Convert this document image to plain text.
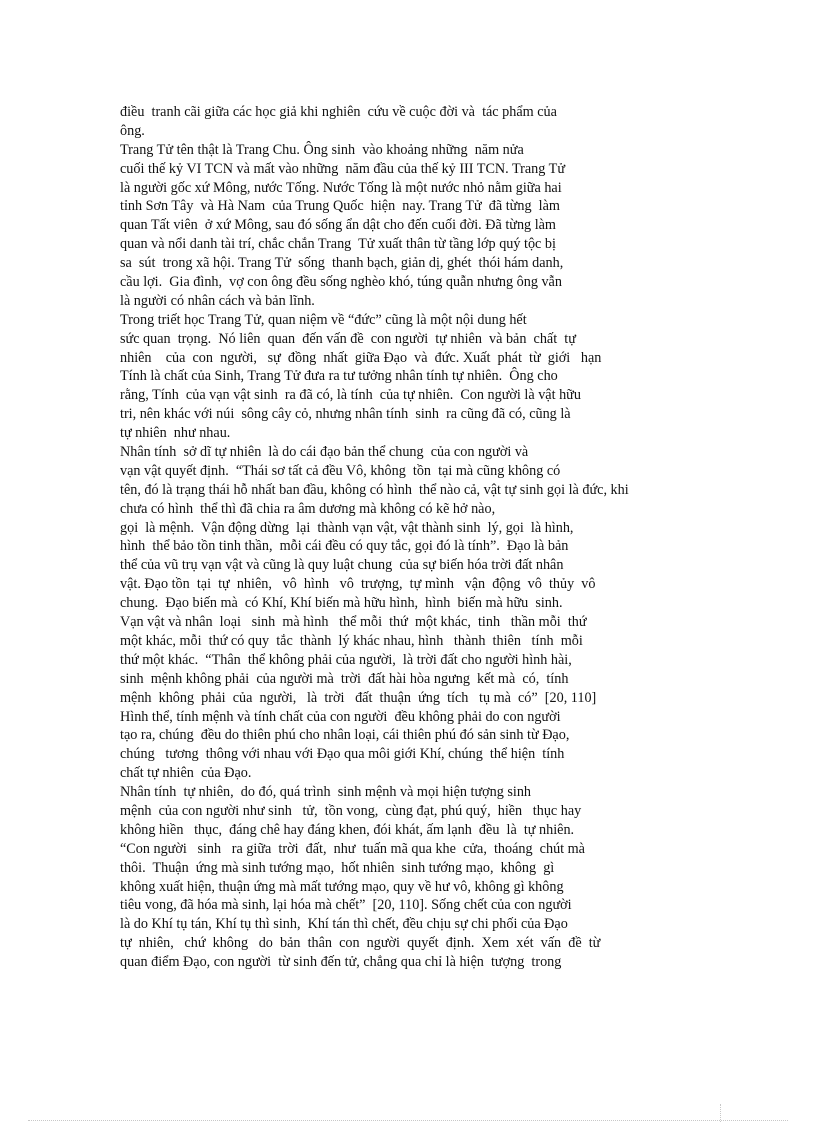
điều  tranh cãi giữa các học giả khi nghiên  cứu về cuộc đời và  tác phẩm của
ông.
Trang Tử tên thật là Trang Chu. Ông sinh  vào khoảng những  năm nửa
cuối thế kỷ VI TCN và mất vào những  năm đầu của thế kỷ III TCN. Trang Tử
là người gốc xứ Mông, nước Tống. Nước Tống là một nước nhỏ nằm giữa hai
tỉnh Sơn Tây  và Hà Nam  của Trung Quốc  hiện  nay. Trang Tử  đã từng  làm
quan Tất viên  ở xứ Mông, sau đó sống ẩn dật cho đến cuối đời. Đã từng làm
quan và nổi danh tài trí, chắc chắn Trang  Tử xuất thân từ tầng lớp quý tộc bị
sa  sút  trong xã hội. Trang Tử  sống  thanh bạch, giản dị, ghét  thói hám danh,
cầu lợi.  Gia đình,  vợ con ông đều sống nghèo khó, túng quẫn nhưng ông vẫn
là người có nhân cách và bản lĩnh.
Trong triết học Trang Tử, quan niệm về “đức” cũng là một nội dung hết
sức quan  trọng.  Nó liên  quan  đến vấn đề  con người  tự nhiên  và bản  chất  tự
nhiên    của  con  người,   sự  đồng  nhất  giữa Đạo  và  đức. Xuất  phát  từ  giới   hạn
Tính là chất của Sinh, Trang Tử đưa ra tư tưởng nhân tính tự nhiên.  Ông cho
rằng, Tính  của vạn vật sinh  ra đã có, là tính  của tự nhiên.  Con người là vật hữu
tri, nên khác với núi  sông cây cỏ, nhưng nhân tính  sinh  ra cũng đã có, cũng là
tự nhiên  như nhau.
Nhân tính  sở dĩ tự nhiên  là do cái đạo bản thể chung  của con người và
vạn vật quyết định.  “Thái sơ tất cả đều Vô, không  tồn  tại mà cũng không có
tên, đó là trạng thái hỗ nhất ban đầu, không có hình  thể nào cả, vật tự sinh gọi là đức, khi
chưa có hình  thể thì đã chia ra âm dương mà không có kẽ hở nào,
gọi  là mệnh.  Vận động dừng  lại  thành vạn vật, vật thành sinh  lý, gọi  là hình,
hình  thể bảo tồn tinh thần,  mỗi cái đều có quy tắc, gọi đó là tính”.  Đạo là bản
thể của vũ trụ vạn vật và cũng là quy luật chung  của sự biến hóa trời đất nhân
vật. Đạo tồn  tại  tự  nhiên,   vô  hình   vô  trượng,  tự mình   vận  động  vô  thủy  vô
chung.  Đạo biến mà  có Khí, Khí biến mà hữu hình,  hình  biến mà hữu  sinh.
Vạn vật và nhân  loại   sinh  mà hình   thể mỗi  thứ  một khác,  tinh   thần mỗi  thứ
một khác, mỗi  thứ có quy  tắc  thành  lý khác nhau, hình   thành  thiên   tính  mỗi
thứ một khác.  “Thân  thể không phải của người,  là trời đất cho người hình hài,
sinh  mệnh không phải  của người mà  trời  đất hài hòa ngưng  kết mà  có,  tính
mệnh  không  phải  của  người,   là  trời   đất  thuận  ứng  tích   tụ mà  có”  [20, 110]
Hình thể, tính mệnh và tính chất của con người  đều không phải do con người
tạo ra, chúng  đều do thiên phú cho nhân loại, cái thiên phú đó sản sinh từ Đạo,
chúng   tương  thông với nhau với Đạo qua môi giới Khí, chúng  thể hiện  tính
chất tự nhiên  của Đạo.
Nhân tính  tự nhiên,  do đó, quá trình  sinh mệnh và mọi hiện tượng sinh
mệnh  của con người như sinh   tử,  tồn vong,  cùng đạt, phú quý,  hiền   thục hay
không hiền   thục,  đáng chê hay đáng khen, đói khát, ấm lạnh  đều  là  tự nhiên.
“Con người   sinh   ra giữa  trời  đất,  như  tuấn mã qua khe  cửa,  thoáng  chút mà
thôi.  Thuận  ứng mà sinh tướng mạo,  hốt nhiên  sinh tướng mạo,  không  gì
không xuất hiện, thuận ứng mà mất tướng mạo, quy về hư vô, không gì không
tiêu vong, đã hóa mà sinh, lại hóa mà chết”  [20, 110]. Sống chết của con người
là do Khí tụ tán, Khí tụ thì sinh,  Khí tán thì chết, đều chịu sự chi phối của Đạo
tự  nhiên,   chứ  không   do  bản  thân  con  người  quyết  định.  Xem  xét  vấn  đề  từ
quan điểm Đạo, con người  từ sinh đến tử, chẳng qua chỉ là hiện  tượng  trong
